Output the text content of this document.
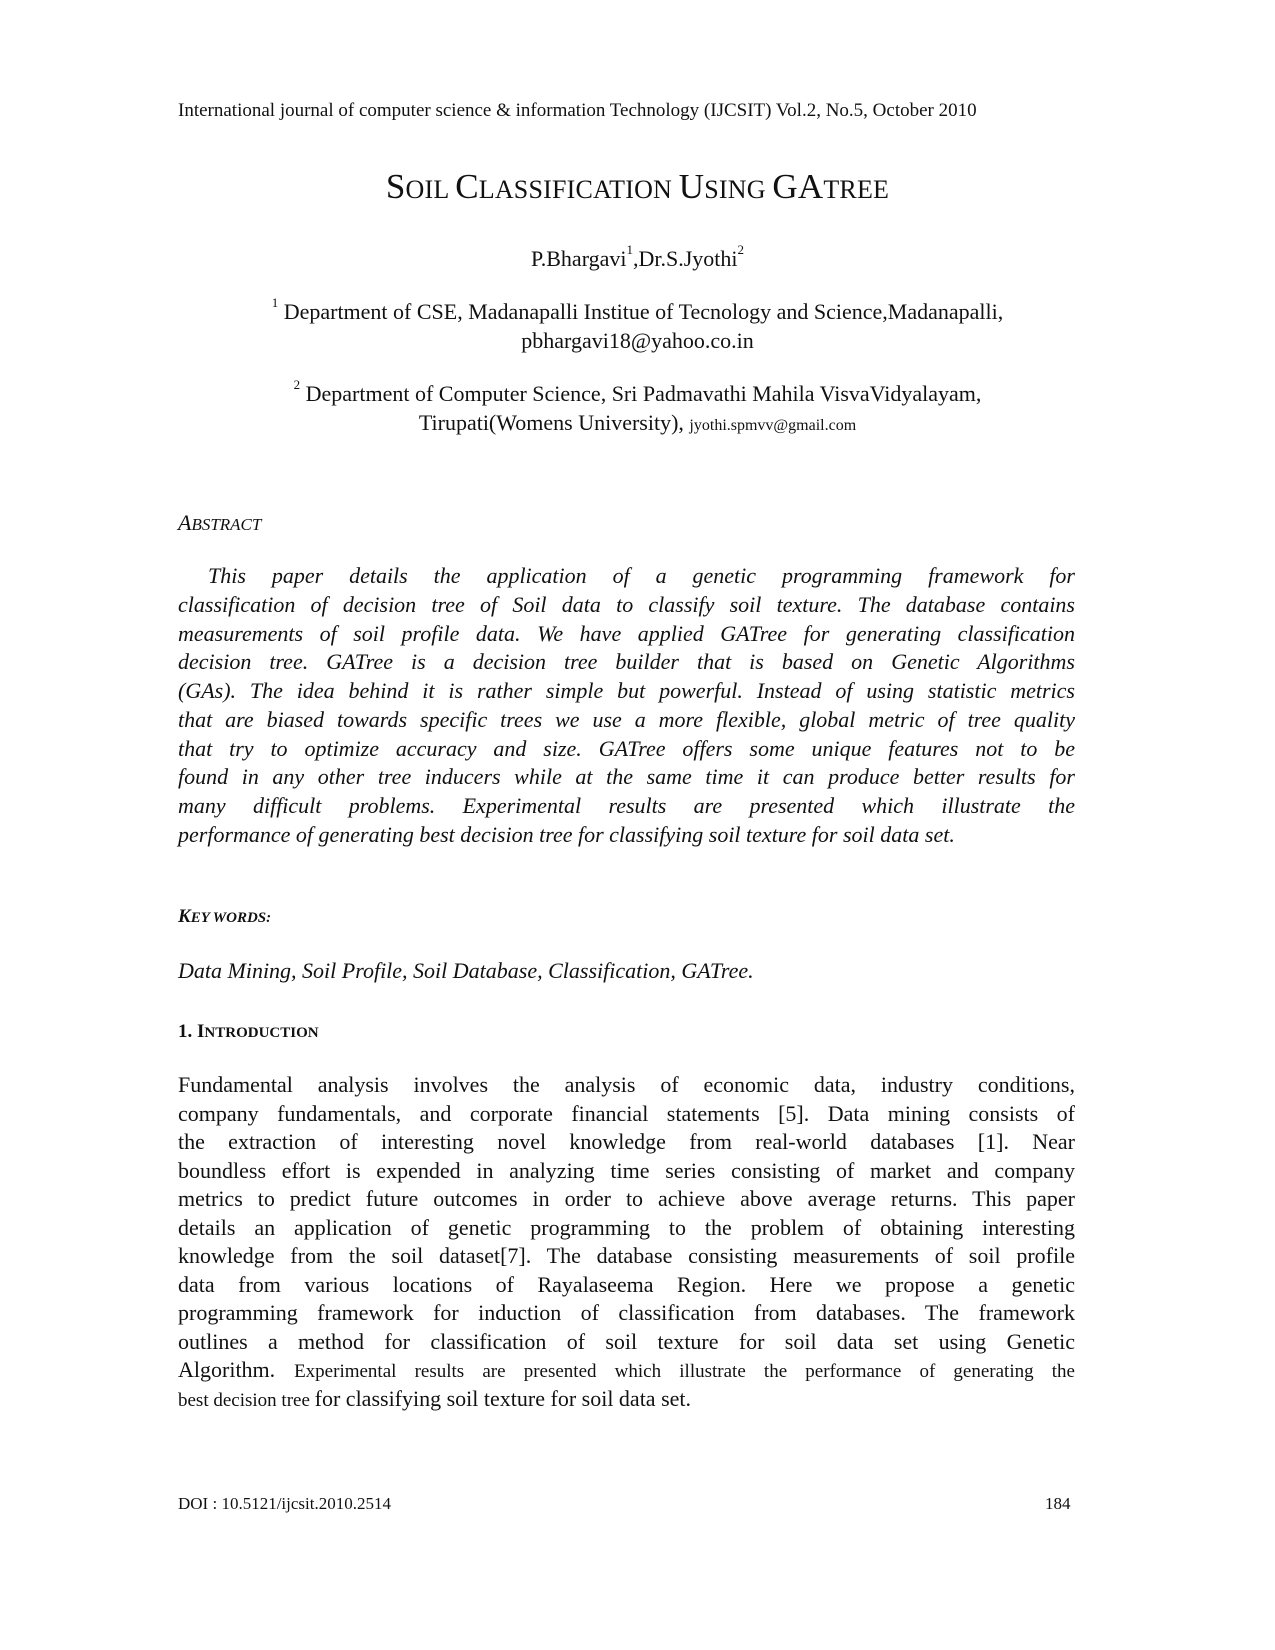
International journal of computer science & information Technology (IJCSIT) Vol.2, No.5, October 2010
SOIL CLASSIFICATION USING GATREE
P.Bhargavi$^1$,Dr.S.Jyothi$^2$
$^1$ Department of CSE, Madanapalli Institue of Tecnology and Science,Madanapalli,
pbhargavi18@yahoo.co.in
$^2$ Department of Computer Science, Sri Padmavathi Mahila VisvaVidyalayam,
Tirupati(Womens University), jyothi.spmvv@gmail.com
ABSTRACT
This paper details the application of a genetic programming framework for
classification of decision tree of Soil data to classify soil texture. The database contains
measurements of soil profile data. We have applied GATree for generating classification
decision tree. GATree is a decision tree builder that is based on Genetic Algorithms
(GAs). The idea behind it is rather simple but powerful. Instead of using statistic metrics
that are biased towards specific trees we use a more flexible, global metric of tree quality
that try to optimize accuracy and size. GATree offers some unique features not to be
found in any other tree inducers while at the same time it can produce better results for
many difficult problems. Experimental results are presented which illustrate the
performance of generating best decision tree for classifying soil texture for soil data set.
KEY WORDS:
Data Mining, Soil Profile, Soil Database, Classification, GATree.
1. INTRODUCTION
Fundamental analysis involves the analysis of economic data, industry conditions,
company fundamentals, and corporate financial statements [5]. Data mining consists of
the extraction of interesting novel knowledge from real-world databases [1]. Near
boundless effort is expended in analyzing time series consisting of market and company
metrics to predict future outcomes in order to achieve above average returns. This paper
details an application of genetic programming to the problem of obtaining interesting
knowledge from the soil dataset[7]. The database consisting measurements of soil profile
data from various locations of Rayalaseema Region. Here we propose a genetic
programming framework for induction of classification from databases. The framework
outlines a method for classification of soil texture for soil data set using Genetic
Algorithm. Experimental results are presented which illustrate the performance of generating the
best decision tree for classifying soil texture for soil data set.
DOI : 10.5121/ijcsit.2010.2514	184
